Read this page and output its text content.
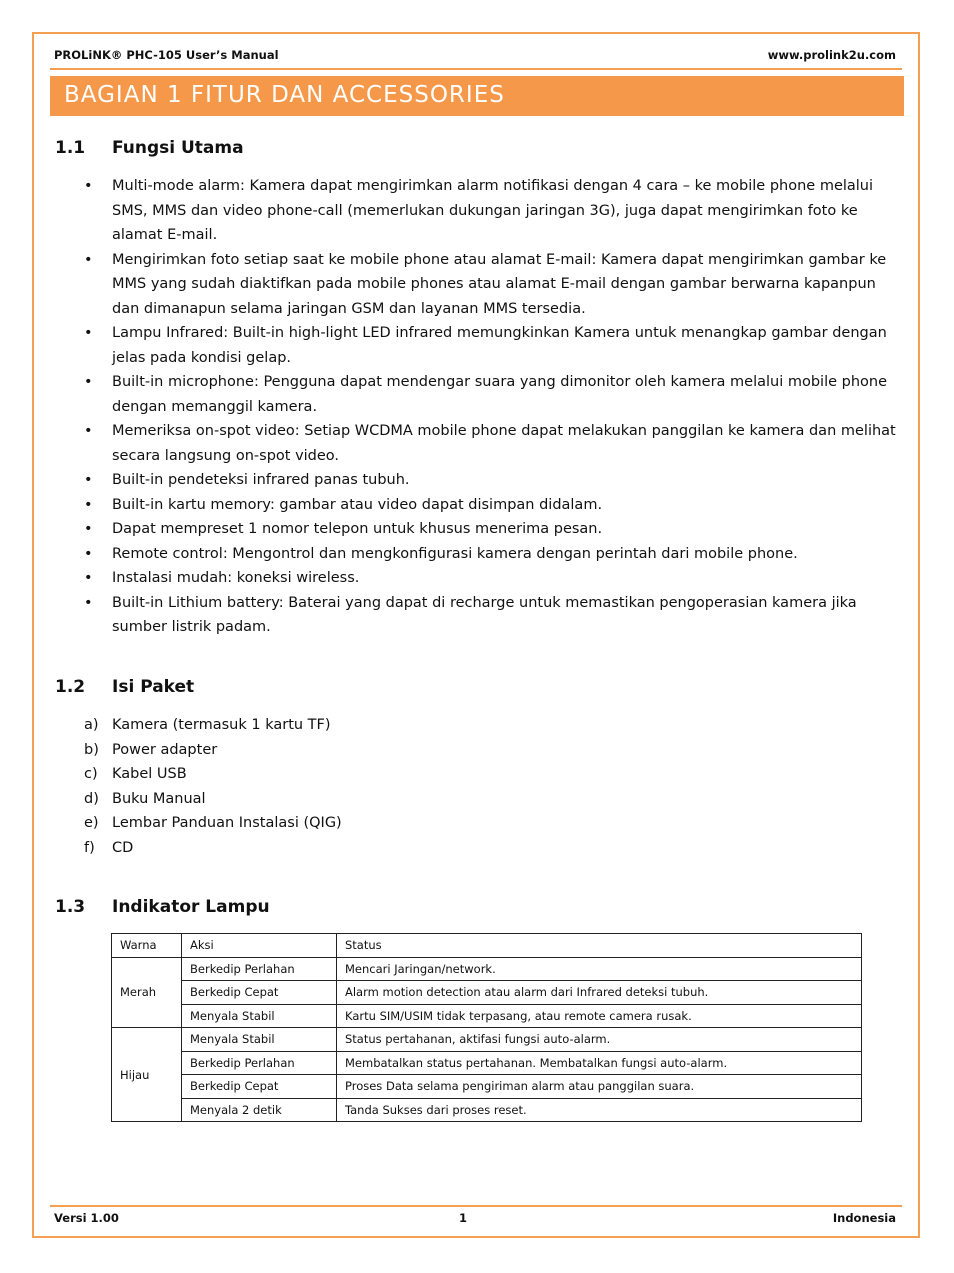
PROLiNK® PHC-105 User’s Manual	www.prolink2u.com
BAGIAN 1 FITUR DAN ACCESSORIES
1.1 Fungsi Utama
•	Multi-mode alarm: Kamera dapat mengirimkan alarm notifikasi dengan 4 cara – ke mobile phone melalui SMS, MMS dan video phone-call (memerlukan dukungan jaringan 3G), juga dapat mengirimkan foto ke alamat E-mail.
•	Mengirimkan foto setiap saat ke mobile phone atau alamat E-mail: Kamera dapat mengirimkan gambar ke MMS yang sudah diaktifkan pada mobile phones atau alamat E-mail dengan gambar berwarna kapanpun dan dimanapun selama jaringan GSM dan layanan MMS tersedia.
•	Lampu Infrared: Built-in high-light LED infrared memungkinkan Kamera untuk menangkap gambar dengan jelas pada kondisi gelap.
•	Built-in microphone: Pengguna dapat mendengar suara yang dimonitor oleh kamera melalui mobile phone dengan memanggil kamera.
•	Memeriksa on-spot video: Setiap WCDMA mobile phone dapat melakukan panggilan ke kamera dan melihat secara langsung on-spot video.
•	Built-in pendeteksi infrared panas tubuh.
•	Built-in kartu memory: gambar atau video dapat disimpan didalam.
•	Dapat mempreset 1 nomor telepon untuk khusus menerima pesan.
•	Remote control: Mengontrol dan mengkonfigurasi kamera dengan perintah dari mobile phone.
•	Instalasi mudah: koneksi wireless.
•	Built-in Lithium battery: Baterai yang dapat di recharge untuk memastikan pengoperasian kamera jika sumber listrik padam.
1.2 Isi Paket
a) Kamera (termasuk 1 kartu TF)
b) Power adapter
c) Kabel USB
d) Buku Manual
e) Lembar Panduan Instalasi (QIG)
f) CD
1.3 Indikator Lampu
Warna	Aksi	Status
Merah	Berkedip Perlahan	Mencari Jaringan/network.
	Berkedip Cepat	Alarm motion detection atau alarm dari Infrared deteksi tubuh.
	Menyala Stabil	Kartu SIM/USIM tidak terpasang, atau remote camera rusak.
Hijau	Menyala Stabil	Status pertahanan, aktifasi fungsi auto-alarm.
	Berkedip Perlahan	Membatalkan status pertahanan. Membatalkan fungsi auto-alarm.
	Berkedip Cepat	Proses Data selama pengiriman alarm atau panggilan suara.
	Menyala 2 detik	Tanda Sukses dari proses reset.
Versi 1.00	1	Indonesia
